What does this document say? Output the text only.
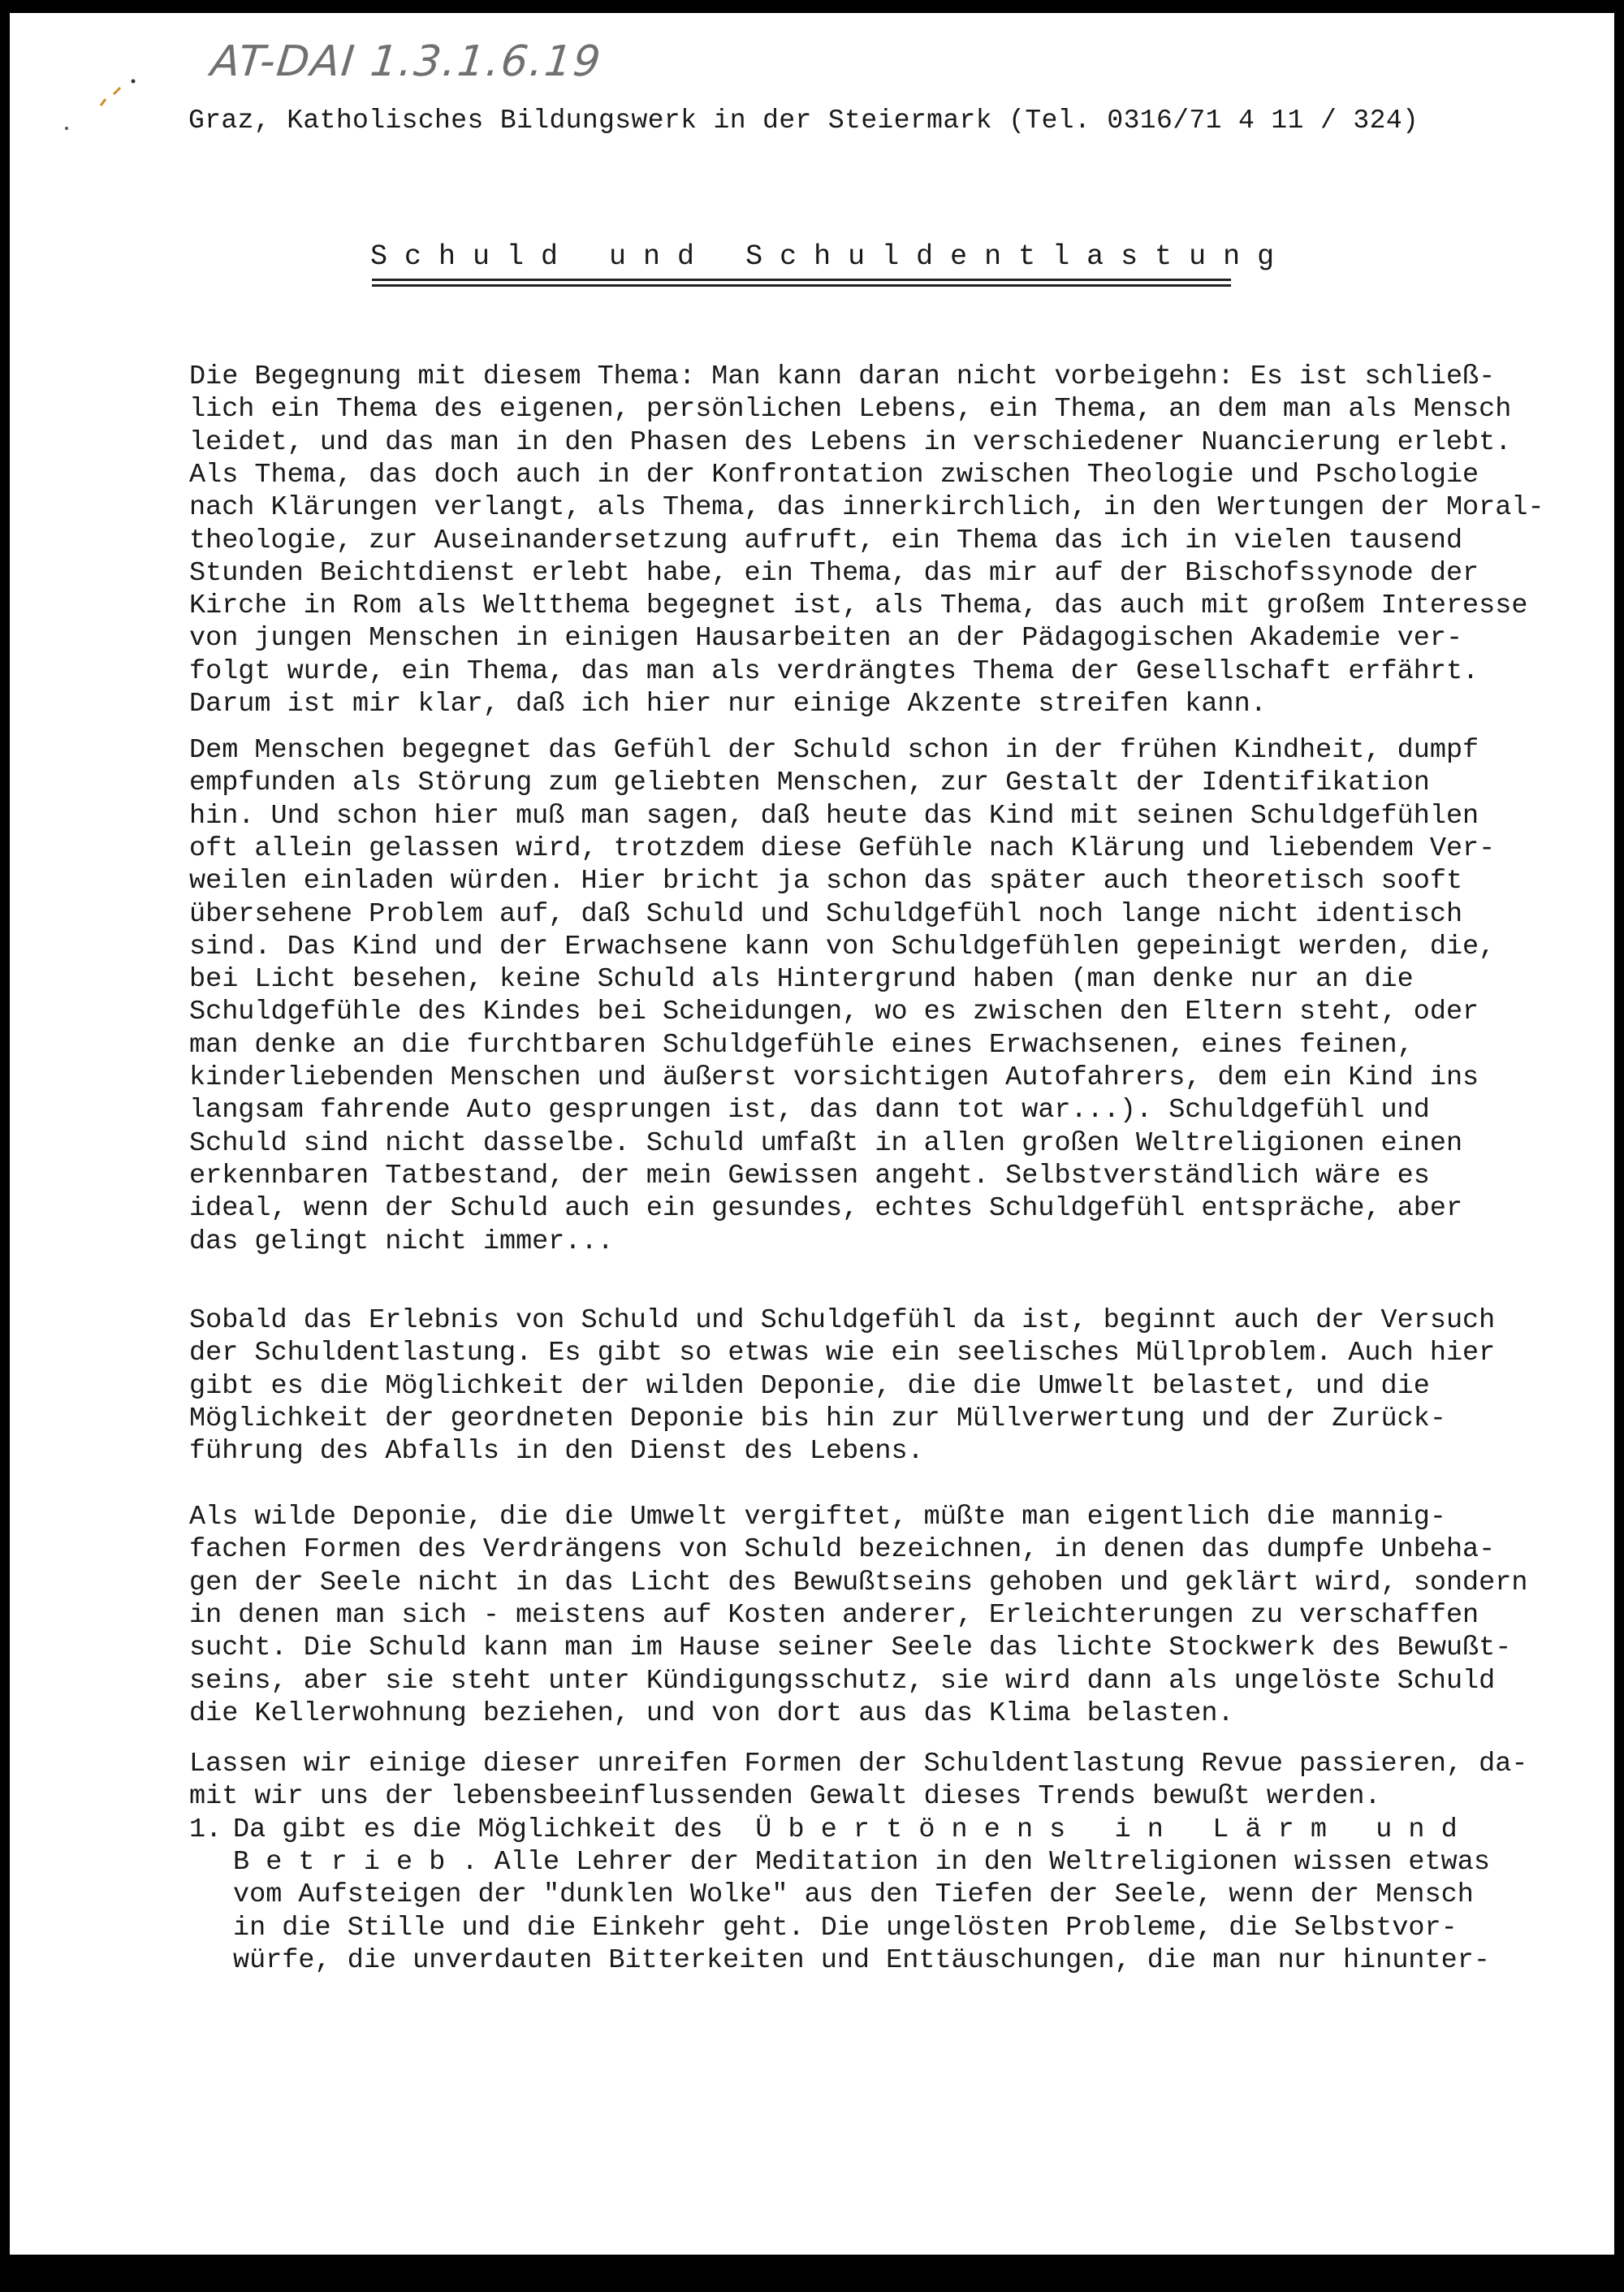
AT-DAI 1.3.1.6.19
Graz, Katholisches Bildungswerk in der Steiermark (Tel. 0316/71 4 11 / 324)
S c h u l d   u n d   S c h u l d e n t l a s t u n g
Die Begegnung mit diesem Thema: Man kann daran nicht vorbeigehn: Es ist schließ-
lich ein Thema des eigenen, persönlichen Lebens, ein Thema, an dem man als Mensch
leidet, und das man in den Phasen des Lebens in verschiedener Nuancierung erlebt.
Als Thema, das doch auch in der Konfrontation zwischen Theologie und Pschologie
nach Klärungen verlangt, als Thema, das innerkirchlich, in den Wertungen der Moral-
theologie, zur Auseinandersetzung aufruft, ein Thema das ich in vielen tausend
Stunden Beichtdienst erlebt habe, ein Thema, das mir auf der Bischofssynode der
Kirche in Rom als Weltthema begegnet ist, als Thema, das auch mit großem Interesse
von jungen Menschen in einigen Hausarbeiten an der Pädagogischen Akademie ver-
folgt wurde, ein Thema, das man als verdrängtes Thema der Gesellschaft erfährt.
Darum ist mir klar, daß ich hier nur einige Akzente streifen kann.
Dem Menschen begegnet das Gefühl der Schuld schon in der frühen Kindheit, dumpf
empfunden als Störung zum geliebten Menschen, zur Gestalt der Identifikation
hin. Und schon hier muß man sagen, daß heute das Kind mit seinen Schuldgefühlen
oft allein gelassen wird, trotzdem diese Gefühle nach Klärung und liebendem Ver-
weilen einladen würden. Hier bricht ja schon das später auch theoretisch sooft
übersehene Problem auf, daß Schuld und Schuldgefühl noch lange nicht identisch
sind. Das Kind und der Erwachsene kann von Schuldgefühlen gepeinigt werden, die,
bei Licht besehen, keine Schuld als Hintergrund haben (man denke nur an die
Schuldgefühle des Kindes bei Scheidungen, wo es zwischen den Eltern steht, oder
man denke an die furchtbaren Schuldgefühle eines Erwachsenen, eines feinen,
kinderliebenden Menschen und äußerst vorsichtigen Autofahrers, dem ein Kind ins
langsam fahrende Auto gesprungen ist, das dann tot war...). Schuldgefühl und
Schuld sind nicht dasselbe. Schuld umfaßt in allen großen Weltreligionen einen
erkennbaren Tatbestand, der mein Gewissen angeht. Selbstverständlich wäre es
ideal, wenn der Schuld auch ein gesundes, echtes Schuldgefühl entspräche, aber
das gelingt nicht immer...
Sobald das Erlebnis von Schuld und Schuldgefühl da ist, beginnt auch der Versuch
der Schuldentlastung. Es gibt so etwas wie ein seelisches Müllproblem. Auch hier
gibt es die Möglichkeit der wilden Deponie, die die Umwelt belastet, und die
Möglichkeit der geordneten Deponie bis hin zur Müllverwertung und der Zurück-
führung des Abfalls in den Dienst des Lebens.
Als wilde Deponie, die die Umwelt vergiftet, müßte man eigentlich die mannig-
fachen Formen des Verdrängens von Schuld bezeichnen, in denen das dumpfe Unbeha-
gen der Seele nicht in das Licht des Bewußtseins gehoben und geklärt wird, sondern
in denen man sich - meistens auf Kosten anderer, Erleichterungen zu verschaffen
sucht. Die Schuld kann man im Hause seiner Seele das lichte Stockwerk des Bewußt-
seins, aber sie steht unter Kündigungsschutz, sie wird dann als ungelöste Schuld
die Kellerwohnung beziehen, und von dort aus das Klima belasten.
Lassen wir einige dieser unreifen Formen der Schuldentlastung Revue passieren, da-
mit wir uns der lebensbeeinflussenden Gewalt dieses Trends bewußt werden.
1. Da gibt es die Möglichkeit des  Ü b e r t ö n e n s   i n   L ä r m   u n d
B e t r i e b . Alle Lehrer der Meditation in den Weltreligionen wissen etwas
vom Aufsteigen der "dunklen Wolke" aus den Tiefen der Seele, wenn der Mensch
in die Stille und die Einkehr geht. Die ungelösten Probleme, die Selbstvor-
würfe, die unverdauten Bitterkeiten und Enttäuschungen, die man nur hinunter-
